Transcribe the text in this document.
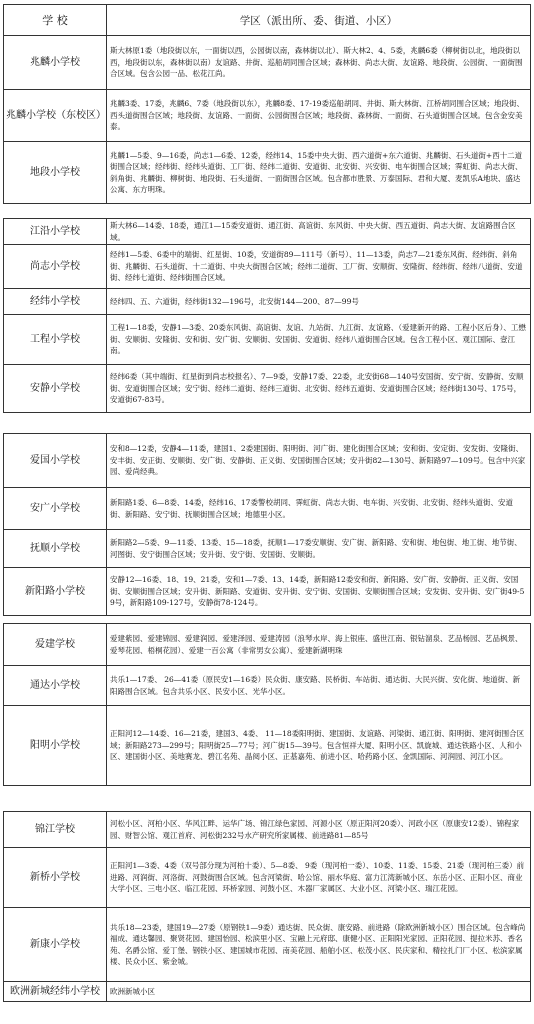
学 校	学区（派出所、委、街道、小区）
兆麟小学校	斯大林原1委（地段街以东，一面街以西，公园街以南，森林街以北）、斯大林2、4、5委，兆麟6委（柳树街以北，地段街以西，地段街以东，森林街以南）友谊路、井街、巡船胡同围合区域；森林街、尚志大街、友谊路、地段街、公园街、一面街围合区域。包含公园一品、松花江尚。
兆麟小学校（东校区）	兆麟3委、17委，兆麟6、7委（地段街以东），兆麟8委、17-19委巡船胡同、井街、斯大林街、江桥胡同围合区域；地段街、西头道街围合区域；地段街、友谊路、一面街、公园街围合区域；地段街、森林街、一面街、石头道街围合区域。包含金安美泰。
地段小学校	兆麟1—5委、9—16委，尚志1—6委、12委，经纬14、15委中央大街、西六道街+东六道街、兆麟街、石头道街+西十二道街围合区域；经纬街、经纬头道街、工厂街、经纬二道街、安道街、北安街、兴安街、电车街围合区域；霁虹街、尚志大街、斜角街、兆麟街、柳树街、地段街、石头道街、一面街围合区域。包含都市胜景、万泰国际、君和大厦、麦凯乐A地块、盛达公寓、东方明珠。
江沿小学校	斯大林6—14委、18委，通江1—15委安道街、通江街、高谊街、东风街、中央大街、西五道街、尚志大街、友谊路围合区域。
尚志小学校	经纬1—5委、6委中的端街、红星街、10委，安道街89—111号（新号）、11—13委，尚志7—21委东风街、经纬街、斜角街、兆麟街、石头道街、十二道街、中央大街围合区域；经纬二道街、工厂街、安顺街、安隆街、经纬街、经纬八道街、安道街、经纬七道街、经纬街围合区域。
经纬小学校	经纬四、五、六道街，经纬街132—196号，北安街144—200、87—99号
工程小学校	工程1—18委，安静1—3委、20委东风街、高谊街、友谊、九站街、九江街、友谊路、（爱建新开的路、工程小区后身）、工懋街、安顺街、安隆街、安和街、安广街、安顺街、安国街、安道街、经纬八道街围合区域。包含工程小区、观江国际、壹江南。
安静小学校	经纬6委（其中端街、红星街到尚志校报名）、7—9委，安静17委、22委，北安街68—140号安国街、安宁街、安静街、安顺街、安道街围合区域；安宁街、经纬二道街、经纬三道街、北安街、经纬五道街、安道街围合区域；经纬街130号、175号，安道街67-83号。
爱国小学校	安和8—12委，安静4—11委，建国1、2委建国街、阳明街、河广街、建化街围合区域；安和街、安定街、安发街、安隆街、安丰街、安正街、安顺街、安广街、安静街、正义街、安国街围合区域；安升街82—130号、新阳路97—109号。包含中兴家园、爱尚经典。
安广小学校	新阳路1委、6—8委、14委，经纬16、17委警校胡同、霁虹街、尚志大街、电车街、兴安街、北安街、经纬头道街、安道街、新阳路、安宁街、抚顺街围合区域；地德里小区。
抚顺小学校	新阳路2—5委、9—11委、13委、15—18委，抚顺1—17委安顺街、安广街、新阳路、安和街、地包街、地工街、地节街、河图街、安宁街围合区域；安升街、安宁街、安国街、安顺街。
新阳路小学校	安静12—16委、18、19、21委，安和1—7委、13、14委，新阳路12委安和街、新阳路、安广街、安静街、正义街、安国街、安顺街围合区域；安升街、新阳路、安道街、安升街、安宁街、安国街、安顺街围合区域；安发街、安升街、安广街49-59号，新阳路109-127号，安静街78-124号。
爱建学校	爱建紫园、爱建锦园、爱建润园、爱建泽园、爱建涛园（浪琴水岸、海上银座、盛世江南、银钻溜泉、艺品杨园、艺品枫景、爱琴花园、梧桐花园）、爱建一百公寓（非常男女公寓）、爱建新湖明珠
通达小学校	共乐1—17委、 26—41委（原民安1—16委）民众街、康安路、民桥街、车站街、通达街、大民兴街、安化街、地道街、新阳路围合区域。包含共乐小区、民安小区、光华小区。
阳明小学校	正阳河12—14委、16—21委，建国3、4委、 11—18委阳明街、建国街、友谊路、河梁街、通江街、阳明街、建河街围合区域；新阳路273—299号；阳明街25—77号；河广街15—39号。包含恒祥大厦、阳明小区、凯旋城、通达铁路小区、人和小区、建国街小区、美地赛龙、碧江名苑、晶阅小区、正基嘉苑、前进小区、哈药路小区、金凯国际、河润园、河江小区。
锦江学校	河松小区、河柏小区、华风江畔、运华广场、锦江绿色家园、河源小区（原正阳河20委）、河政小区（原康安12委）、锦程家园、财智公馆、观江首府、河松街232号水产研究所家属楼、前进路81—85号
新桥小学校	正阳河1—3委、4委（双号部分现为河柏十委）、5—8委、 9委（现河柏一委）、10委、11委、15委、21委（现河柏三委）前进路、河润街、河洛街、河鼓街围合区域。包含河梁街、哈公馆、丽水华庭、富力江湾新城小区、东岳小区、正阳小区、商业大学小区、三电小区、临江花园、环桥家园、河鼓小区、木器厂家属区、大业小区、河梁小区、瑞江花园。
新康小学校	共乐18—23委，建国19—27委（原钢铁1—9委）通达街、民众街、康安路、前进路（除欧洲新城小区）围合区域。包含峰尚福成、通达馨园、聚贤花园、建国怡园、松滨里小区、宝融上元府邸、康健小区、正阳阳光家园、正阳花园、提拉米苏、香名苑、名爵公馆、爱丁堡、钢铁小区、建国城市花园、南美花园、船舶小区、松茂小区、民庆家和、精拉扎门厂小区、松滨家属楼、民众小区、紫金城。
欧洲新城经纬小学校	欧洲新城小区
